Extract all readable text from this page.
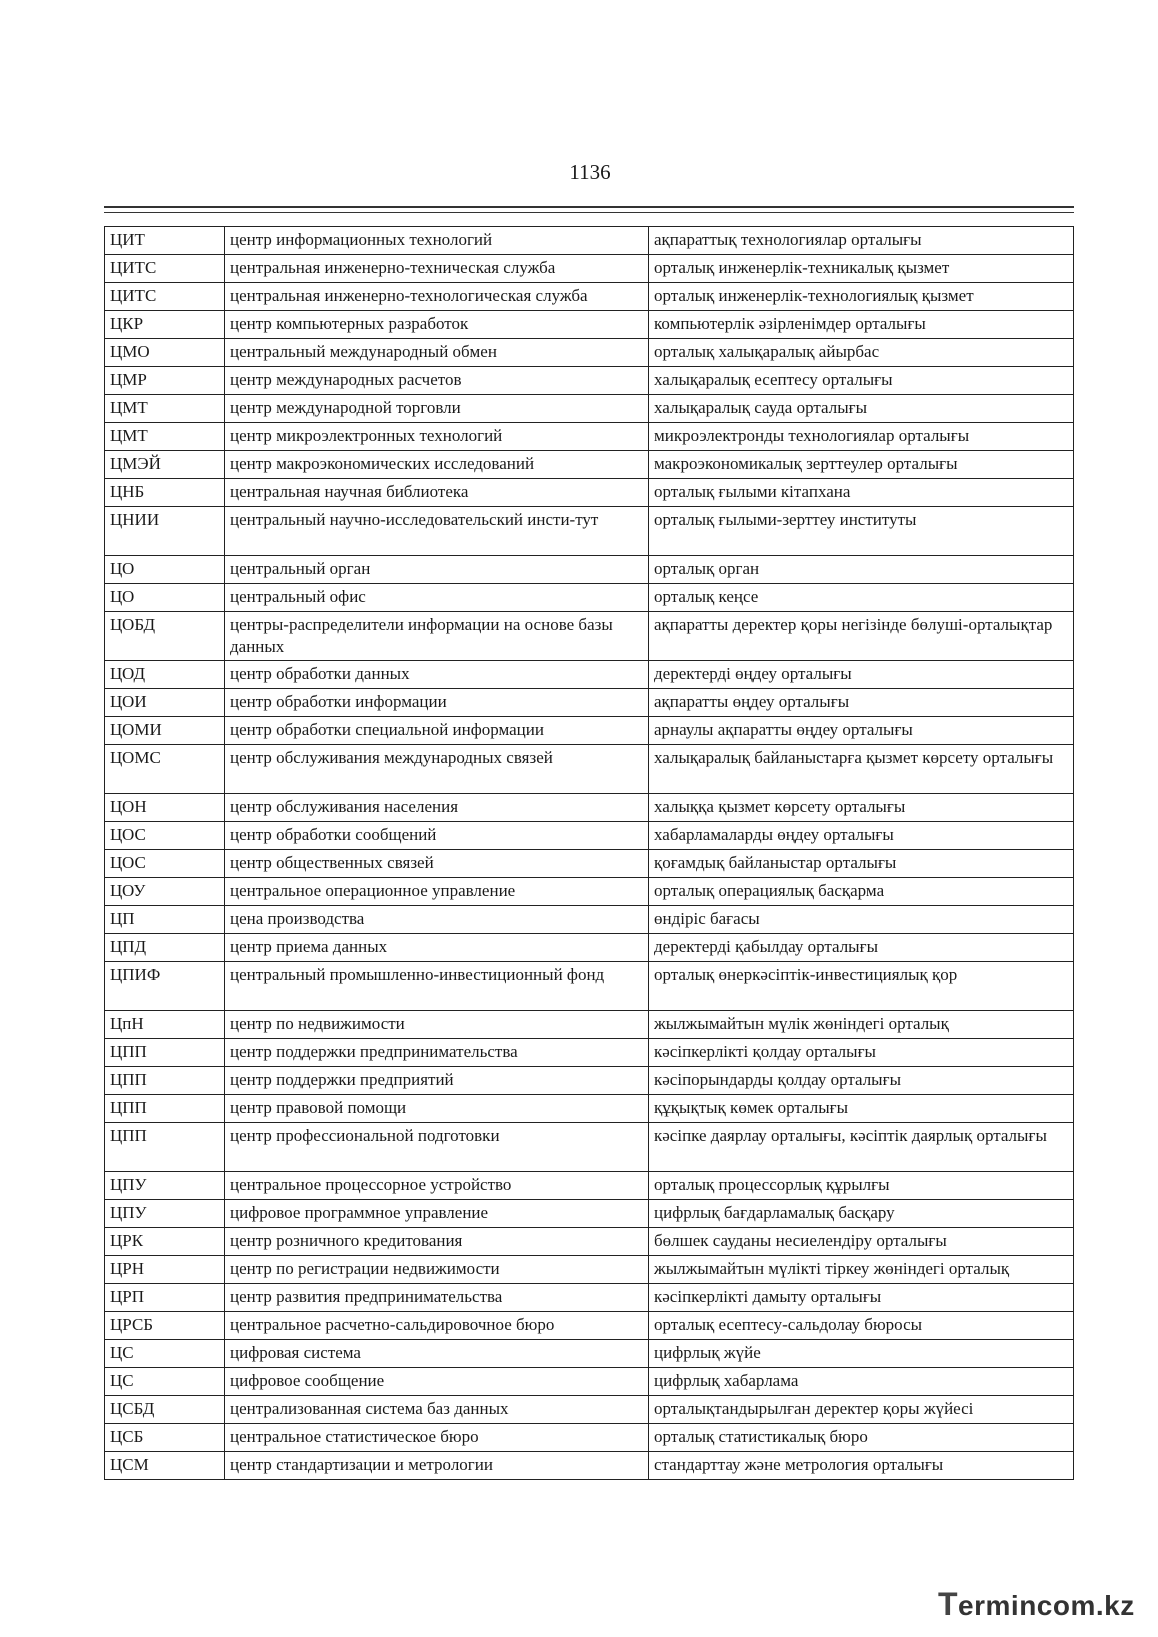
1136
ЦИТ	центр информационных технологий	ақпараттық технологиялар орталығы
ЦИТС	центральная инженерно-техническая служба	орталық инженерлік-техникалық қызмет
ЦИТС	центральная инженерно-технологическая служба	орталық инженерлік-технологиялық қызмет
ЦКР	центр компьютерных разработок	компьютерлік әзірленімдер орталығы
ЦМО	центральный международный обмен	орталық халықаралық айырбас
ЦМР	центр международных расчетов	халықаралық есептесу орталығы
ЦМТ	центр международной торговли	халықаралық сауда орталығы
ЦМТ	центр микроэлектронных технологий	микроэлектронды технологиялар орталығы
ЦМЭЙ	центр макроэкономических исследований	макроэкономикалық зерттеулер орталығы
ЦНБ	центральная научная библиотека	орталық ғылыми кітапхана
ЦНИИ	центральный научно-исследовательский инсти-тут	орталық ғылыми-зерттеу институты
ЦО	центральный орган	орталық орган
ЦО	центральный офис	орталық кеңсе
ЦОБД	центры-распределители информации на основе базы данных	ақпаратты деректер қоры негізінде бөлуші-орталықтар
ЦОД	центр обработки данных	деректерді өңдеу орталығы
ЦОИ	центр обработки информации	ақпаратты өңдеу орталығы
ЦОМИ	центр обработки специальной информации	арнаулы ақпаратты өңдеу орталығы
ЦОМС	центр обслуживания международных связей	халықаралық байланыстарға қызмет көрсету орталығы
ЦОН	центр обслуживания населения	халыққа қызмет көрсету орталығы
ЦОС	центр обработки сообщений	хабарламаларды өңдеу орталығы
ЦОС	центр общественных связей	қоғамдық байланыстар орталығы
ЦОУ	центральное операционное управление	орталық операциялық басқарма
ЦП	цена производства	өндіріс бағасы
ЦПД	центр приема данных	деректерді қабылдау орталығы
ЦПИФ	центральный промышленно-инвестиционный фонд	орталық өнеркәсіптік-инвестициялық қор
ЦпН	центр по недвижимости	жылжымайтын мүлік жөніндегі орталық
ЦПП	центр поддержки предпринимательства	кәсіпкерлікті қолдау орталығы
ЦПП	центр поддержки предприятий	кәсіпорындарды қолдау орталығы
ЦПП	центр правовой помощи	құқықтық көмек орталығы
ЦПП	центр профессиональной подготовки	кәсіпке даярлау орталығы, кәсіптік даярлық орталығы
ЦПУ	центральное процессорное устройство	орталық процессорлық құрылғы
ЦПУ	цифровое программное управление	цифрлық бағдарламалық басқару
ЦРК	центр розничного кредитования	бөлшек сауданы несиелендіру орталығы
ЦРН	центр по регистрации недвижимости	жылжымайтын мүлікті тіркеу жөніндегі орталық
ЦРП	центр развития предпринимательства	кәсіпкерлікті дамыту орталығы
ЦРСБ	центральное расчетно-сальдировочное бюро	орталық есептесу-сальдолау бюросы
ЦС	цифровая система	цифрлық жүйе
ЦС	цифровое сообщение	цифрлық хабарлама
ЦСБД	централизованная система баз данных	орталықтандырылған деректер қоры жүйесі
ЦСБ	центральное статистическое бюро	орталық статистикалық бюро
ЦСМ	центр стандартизации и метрологии	стандарттау және метрология орталығы
Termincom.kz
